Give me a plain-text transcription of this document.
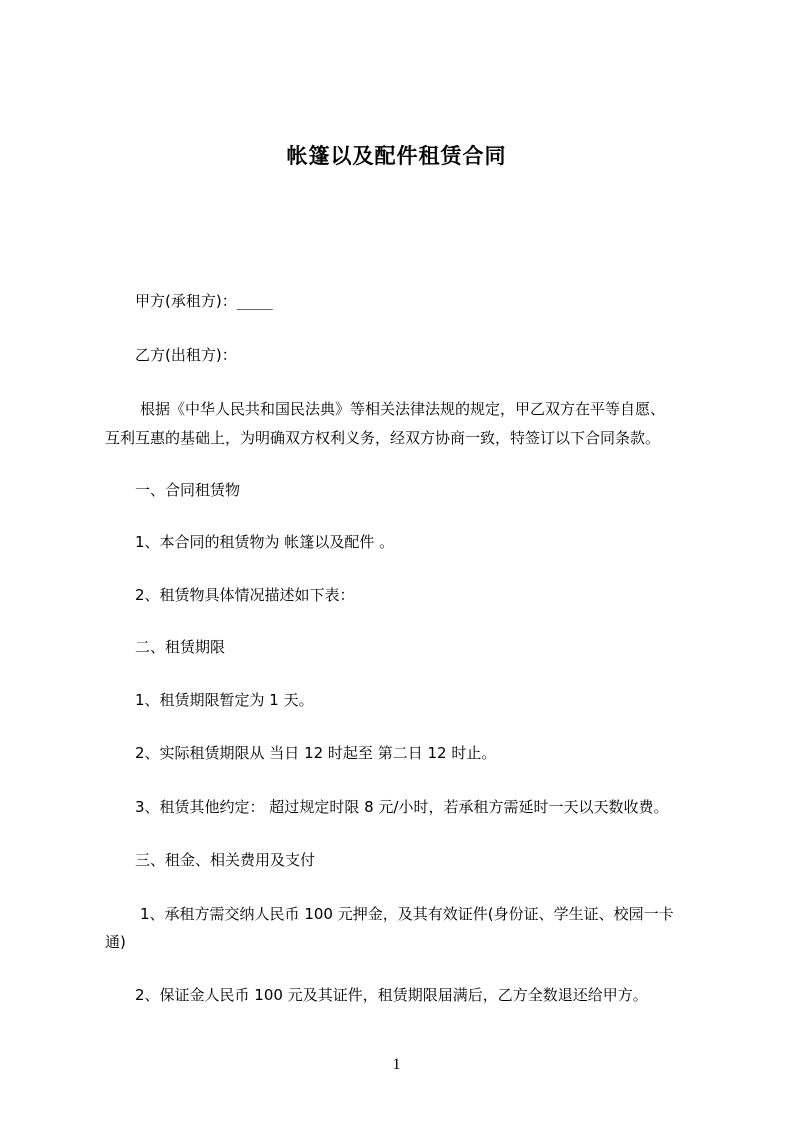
帐篷以及配件租赁合同
甲方(承租方)：____
乙方(出租方)：
根据《中华人民共和国民法典》等相关法律法规的规定，甲乙双方在平等自愿、
互利互惠的基础上，为明确双方权利义务，经双方协商一致，特签订以下合同条款。
一、合同租赁物
1、本合同的租赁物为 帐篷以及配件 。
2、租赁物具体情况描述如下表：
二、租赁期限
1、租赁期限暂定为 1 天。
2、实际租赁期限从 当日 12 时起至 第二日 12 时止。
3、租赁其他约定： 超过规定时限 8 元/小时，若承租方需延时一天以天数收费。
三、租金、相关费用及支付
1、承租方需交纳人民币 100 元押金，及其有效证件(身份证、学生证、校园一卡
通)
2、保证金人民币 100 元及其证件，租赁期限届满后，乙方全数退还给甲方。
1
